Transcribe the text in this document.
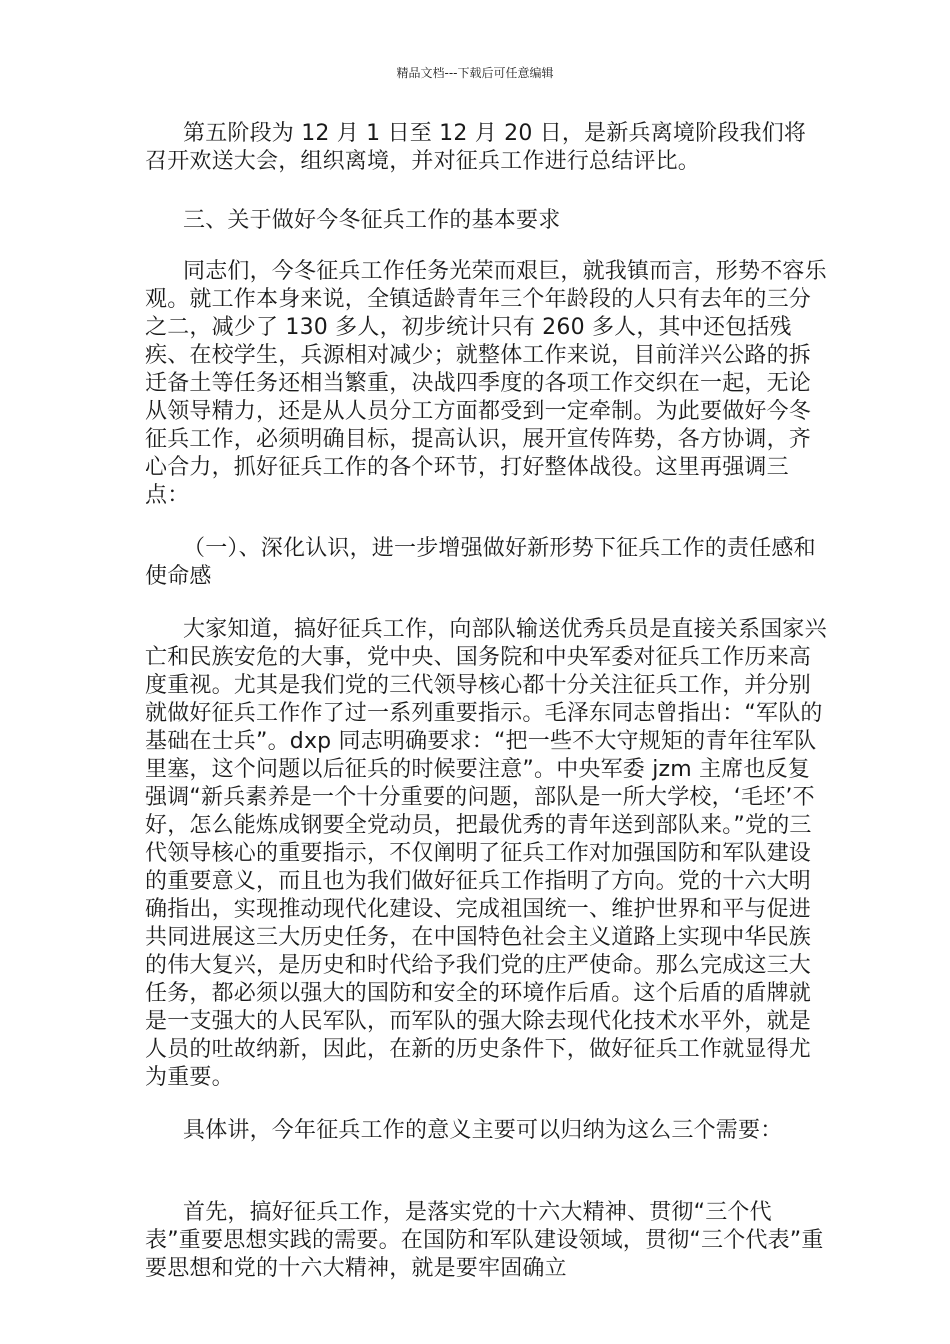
精品文档---下载后可任意编辑

第五阶段为 12 月 1 日至 12 月 20 日，是新兵离境阶段我们将召开欢送大会，组织离境，并对征兵工作进行总结评比。

三、关于做好今冬征兵工作的基本要求

同志们，今冬征兵工作任务光荣而艰巨，就我镇而言，形势不容乐观。就工作本身来说，全镇适龄青年三个年龄段的人只有去年的三分之二，减少了 130 多人，初步统计只有 260 多人，其中还包括残疾、在校学生，兵源相对减少；就整体工作来说，目前洋兴公路的拆迁备土等任务还相当繁重，决战四季度的各项工作交织在一起，无论从领导精力，还是从人员分工方面都受到一定牵制。为此要做好今冬征兵工作，必须明确目标，提高认识，展开宣传阵势，各方协调，齐心合力，抓好征兵工作的各个环节，打好整体战役。这里再强调三点：

（一）、深化认识，进一步增强做好新形势下征兵工作的责任感和使命感

大家知道，搞好征兵工作，向部队输送优秀兵员是直接关系国家兴亡和民族安危的大事，党中央、国务院和中央军委对征兵工作历来高度重视。尤其是我们党的三代领导核心都十分关注征兵工作，并分别就做好征兵工作作了过一系列重要指示。毛泽东同志曾指出：“军队的基础在士兵”。dxp 同志明确要求：“把一些不大守规矩的青年往军队里塞，这个问题以后征兵的时候要注意”。中央军委 jzm 主席也反复强调“新兵素养是一个十分重要的问题，部队是一所大学校，‘毛坯’不好，怎么能炼成钢要全党动员，把最优秀的青年送到部队来。”党的三代领导核心的重要指示，不仅阐明了征兵工作对加强国防和军队建设的重要意义，而且也为我们做好征兵工作指明了方向。党的十六大明确指出，实现推动现代化建设、完成祖国统一、维护世界和平与促进共同进展这三大历史任务，在中国特色社会主义道路上实现中华民族的伟大复兴，是历史和时代给予我们党的庄严使命。那么完成这三大任务，都必须以强大的国防和安全的环境作后盾。这个后盾的盾牌就是一支强大的人民军队，而军队的强大除去现代化技术水平外，就是人员的吐故纳新，因此，在新的历史条件下，做好征兵工作就显得尤为重要。

具体讲，今年征兵工作的意义主要可以归纳为这么三个需要：

首先，搞好征兵工作，是落实党的十六大精神、贯彻“三个代表”重要思想实践的需要。在国防和军队建设领域，贯彻“三个代表”重要思想和党的十六大精神，就是要牢固确立
